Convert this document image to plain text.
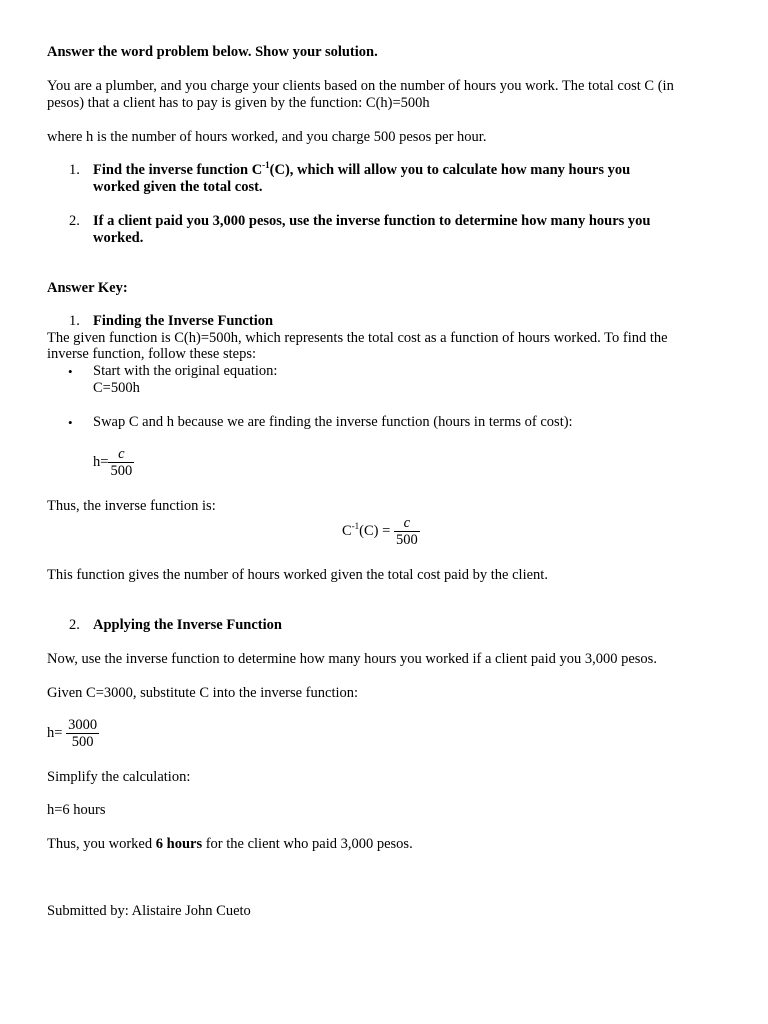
Answer the word problem below. Show your solution.
You are a plumber, and you charge your clients based on the number of hours you work. The total cost C (in
pesos) that a client has to pay is given by the function: C(h)=500h
where h is the number of hours worked, and you charge 500 pesos per hour.
1. Find the inverse function $C^{-1}(C)$, which will allow you to calculate how many hours you
worked given the total cost.
2. If a client paid you 3,000 pesos, use the inverse function to determine how many hours you
worked.
Answer Key:
1. Finding the Inverse Function
The given function is C(h)=500h, which represents the total cost as a function of hours worked. To find the
inverse function, follow these steps:
• Start with the original equation:
C=500h
• Swap C and h because we are finding the inverse function (hours in terms of cost):
$h= \frac{c}{500}$
Thus, the inverse function is:
$C^{-1}(C) = \frac{c}{500}$
This function gives the number of hours worked given the total cost paid by the client.
2. Applying the Inverse Function
Now, use the inverse function to determine how many hours you worked if a client paid you 3,000 pesos.
Given C=3000, substitute C into the inverse function:
$h= \frac{3000}{500}$
Simplify the calculation:
h=6 hours
Thus, you worked 6 hours for the client who paid 3,000 pesos.
Submitted by: Alistaire John Cueto
